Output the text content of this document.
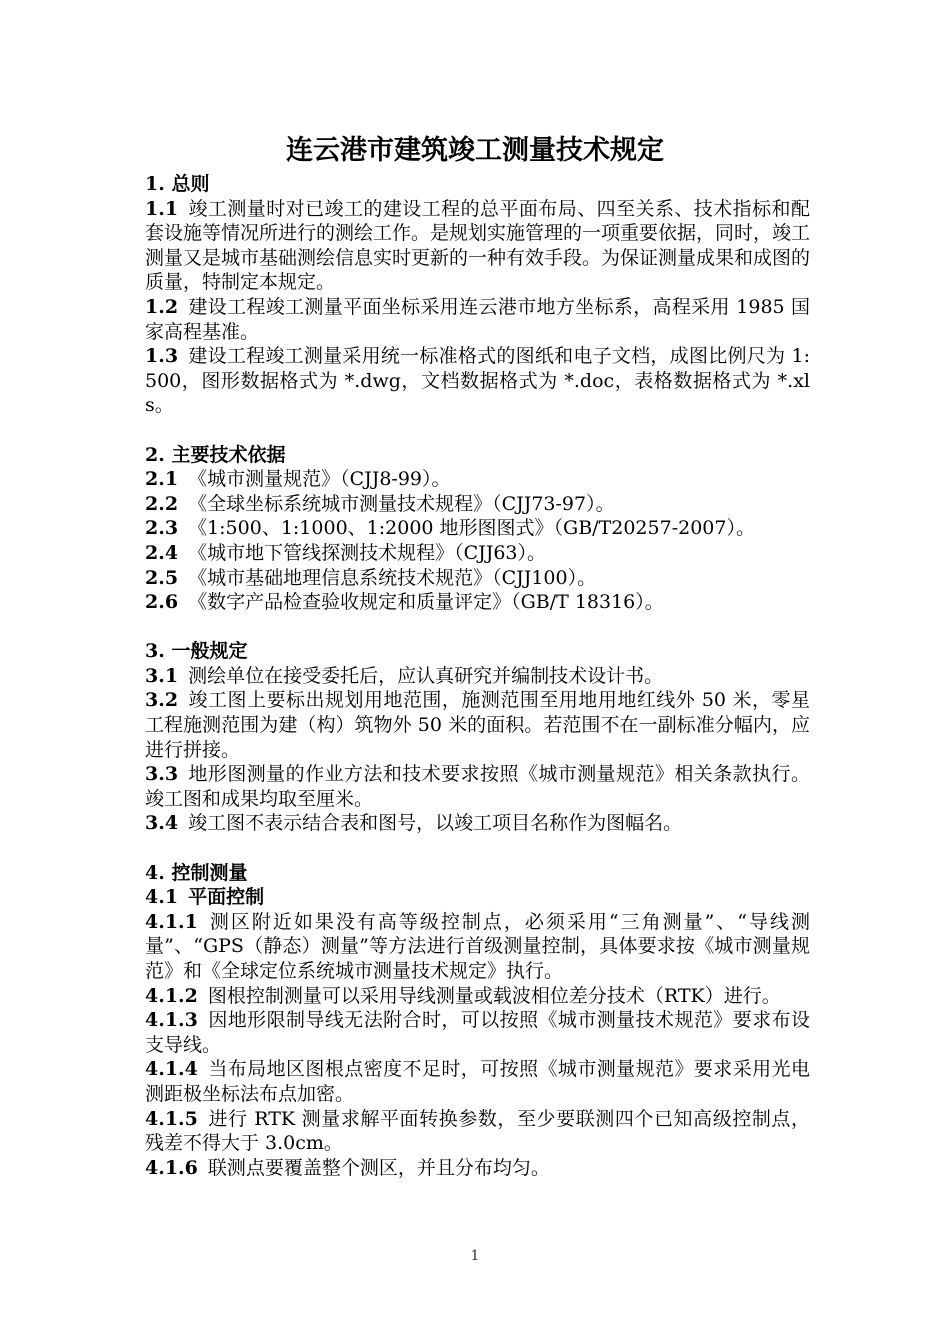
连云港市建筑竣工测量技术规定

1. 总则

1.1 竣工测量时对已竣工的建设工程的总平面布局、四至关系、技术指标和配套设施等情况所进行的测绘工作。是规划实施管理的一项重要依据，同时，竣工测量又是城市基础测绘信息实时更新的一种有效手段。为保证测量成果和成图的质量，特制定本规定。

1.2 建设工程竣工测量平面坐标采用连云港市地方坐标系，高程采用 1985 国家高程基准。

1.3 建设工程竣工测量采用统一标准格式的图纸和电子文档，成图比例尺为 1:500，图形数据格式为 *.dwg，文档数据格式为 *.doc，表格数据格式为 *.xls。

2. 主要技术依据

2.1 《城市测量规范》（CJJ8-99）。

2.2 《全球坐标系统城市测量技术规程》（CJJ73-97）。

2.3 《1:500、1:1000、1:2000 地形图图式》（GB/T20257-2007）。

2.4 《城市地下管线探测技术规程》（CJJ63）。

2.5 《城市基础地理信息系统技术规范》（CJJ100）。

2.6 《数字产品检查验收规定和质量评定》（GB/T 18316）。

3. 一般规定

3.1 测绘单位在接受委托后，应认真研究并编制技术设计书。

3.2 竣工图上要标出规划用地范围，施测范围至用地用地红线外 50 米，零星工程施测范围为建（构）筑物外 50 米的面积。若范围不在一副标准分幅内，应进行拼接。

3.3 地形图测量的作业方法和技术要求按照《城市测量规范》相关条款执行。竣工图和成果均取至厘米。

3.4 竣工图不表示结合表和图号，以竣工项目名称作为图幅名。

4. 控制测量

4.1 平面控制

4.1.1 测区附近如果没有高等级控制点，必须采用“三角测量”、“导线测量”、“GPS（静态）测量”等方法进行首级测量控制，具体要求按《城市测量规范》和《全球定位系统城市测量技术规定》执行。

4.1.2 图根控制测量可以采用导线测量或载波相位差分技术（RTK）进行。

4.1.3 因地形限制导线无法附合时，可以按照《城市测量技术规范》要求布设支导线。

4.1.4 当布局地区图根点密度不足时，可按照《城市测量规范》要求采用光电测距极坐标法布点加密。

4.1.5 进行 RTK 测量求解平面转换参数，至少要联测四个已知高级控制点，残差不得大于 3.0cm。

4.1.6 联测点要覆盖整个测区，并且分布均匀。

1
